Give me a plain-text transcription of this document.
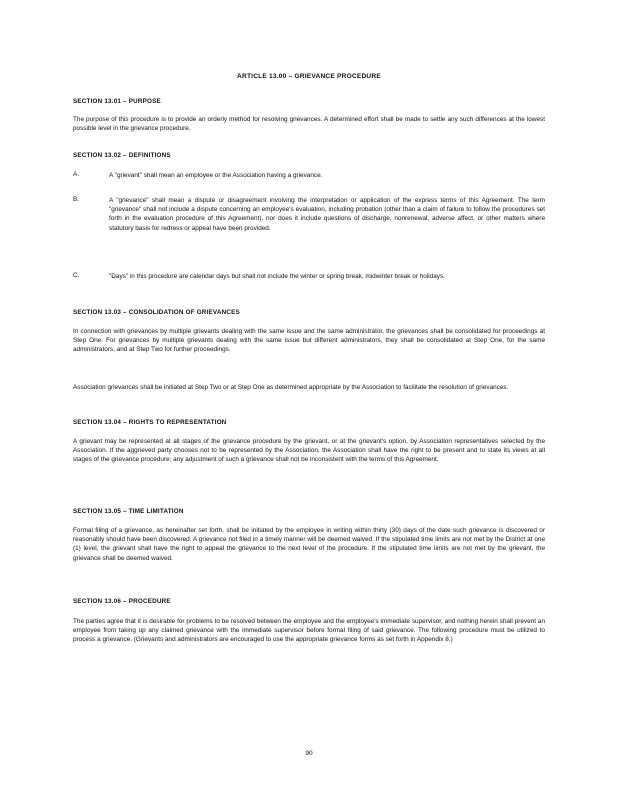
ARTICLE 13.00 – GRIEVANCE PROCEDURE

SECTION 13.01 – PURPOSE

The purpose of this procedure is to provide an orderly method for resolving grievances. A determined effort shall be made to settle any such differences at the lowest possible level in the grievance procedure.

SECTION 13.02 – DEFINITIONS

A.	A "grievant" shall mean an employee or the Association having a grievance.
B.	A "grievance" shall mean a dispute or disagreement involving the interpretation or application of the express terms of this Agreement. The term "grievance" shall not include a dispute concerning an employee's evaluation, including probation (other than a claim of failure to follow the procedures set forth in the evaluation procedure of this Agreement), nor does it include questions of discharge, nonrenewal, adverse affect, or other matters where statutory basis for redress or appeal have been provided.
C.	"Days" in this procedure are calendar days but shall not include the winter or spring break, midwinter break or holidays.

SECTION 13.03 – CONSOLIDATION OF GRIEVANCES

In connection with grievances by multiple grievants dealing with the same issue and the same administrator, the grievances shall be consolidated for proceedings at Step One. For grievances by multiple grievants dealing with the same issue but different administrators, they shall be consolidated at Step One, for the same administrators, and at Step Two for further proceedings.

Association grievances shall be initiated at Step Two or at Step One as determined appropriate by the Association to facilitate the resolution of grievances.

SECTION 13.04 – RIGHTS TO REPRESENTATION

A grievant may be represented at all stages of the grievance procedure by the grievant, or at the grievant's option, by Association representatives selected by the Association. If the aggrieved party chooses not to be represented by the Association, the Association shall have the right to be present and to state its views at all stages of the grievance procedure; any adjustment of such a grievance shall not be inconsistent with the terms of this Agreement.

SECTION 13.05 – TIME LIMITATION

Formal filing of a grievance, as hereinafter set forth, shall be initiated by the employee in writing within thirty (30) days of the date such grievance is discovered or reasonably should have been discovered. A grievance not filed in a timely manner will be deemed waived. If the stipulated time limits are not met by the District at one (1) level, the grievant shall have the right to appeal the grievance to the next level of the procedure. If the stipulated time limits are not met by the grievant, the grievance shall be deemed waived.

SECTION 13.06 – PROCEDURE

The parties agree that it is desirable for problems to be resolved between the employee and the employee's immediate supervisor, and nothing herein shall prevent an employee from taking up any claimed grievance with the immediate supervisor before formal filing of said grievance. The following procedure must be utilized to process a grievance. (Grievants and administrators are encouraged to use the appropriate grievance forms as set forth in Appendix 8.)

90
